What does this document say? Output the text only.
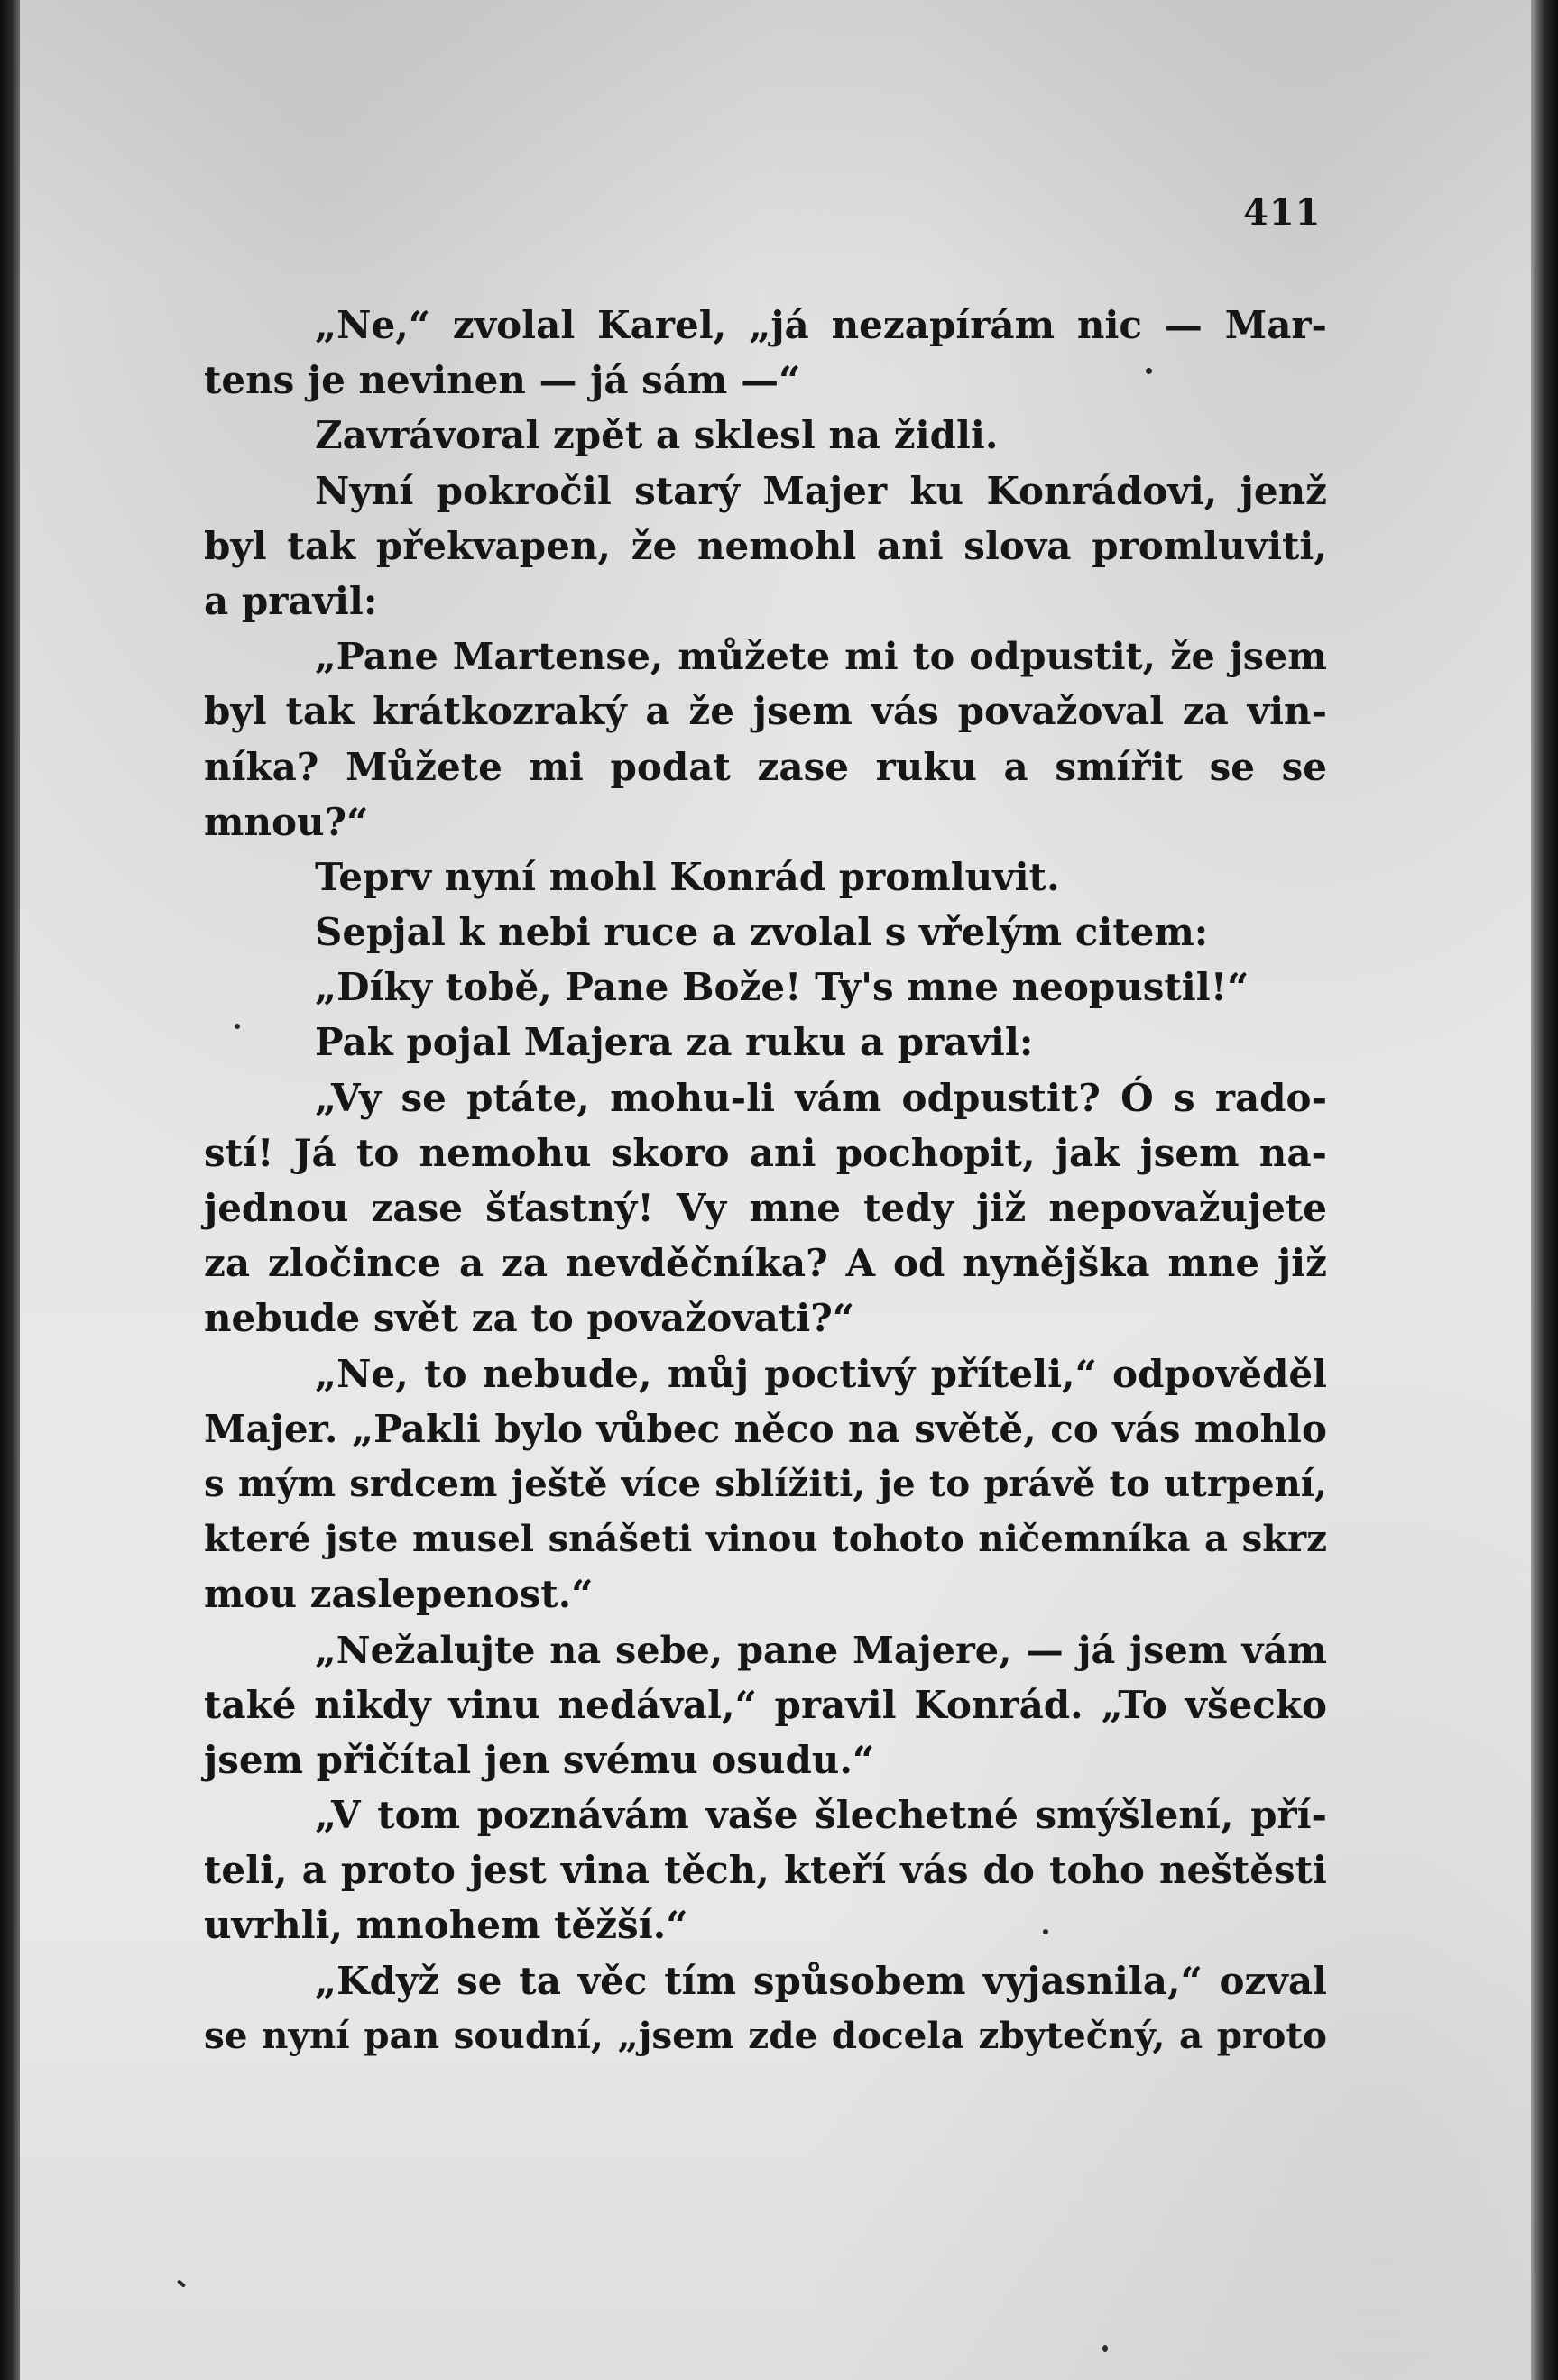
411
„Ne,“ zvolal Karel, „já nezapírám nic — Mar-
tens je nevinen — já sám —“
Zavrávoral zpět a sklesl na židli.
Nyní pokročil starý Majer ku Konrádovi, jenž
byl tak překvapen, že nemohl ani slova promluviti,
a pravil:
„Pane Martense, můžete mi to odpustit, že jsem
byl tak krátkozraký a že jsem vás považoval za vin-
níka? Můžete mi podat zase ruku a smířit se se
mnou?“
Teprv nyní mohl Konrád promluvit.
Sepjal k nebi ruce a zvolal s vřelým citem:
„Díky tobě, Pane Bože! Ty's mne neopustil!“
Pak pojal Majera za ruku a pravil:
„Vy se ptáte, mohu-li vám odpustit? Ó s rado-
stí! Já to nemohu skoro ani pochopit, jak jsem na-
jednou zase šťastný! Vy mne tedy již nepovažujete
za zločince a za nevděčníka? A od nynějška mne již
nebude svět za to považovati?“
„Ne, to nebude, můj poctivý příteli,“ odpověděl
Majer. „Pakli bylo vůbec něco na světě, co vás mohlo
s mým srdcem ještě více sblížiti, je to právě to utrpení,
které jste musel snášeti vinou tohoto ničemníka a skrz
mou zaslepenost.“
„Nežalujte na sebe, pane Majere, — já jsem vám
také nikdy vinu nedával,“ pravil Konrád. „To všecko
jsem přičítal jen svému osudu.“
„V tom poznávám vaše šlechetné smýšlení, pří-
teli, a proto jest vina těch, kteří vás do toho neštěsti
uvrhli, mnohem těžší.“
„Když se ta věc tím spůsobem vyjasnila,“ ozval
se nyní pan soudní, „jsem zde docela zbytečný, a proto
